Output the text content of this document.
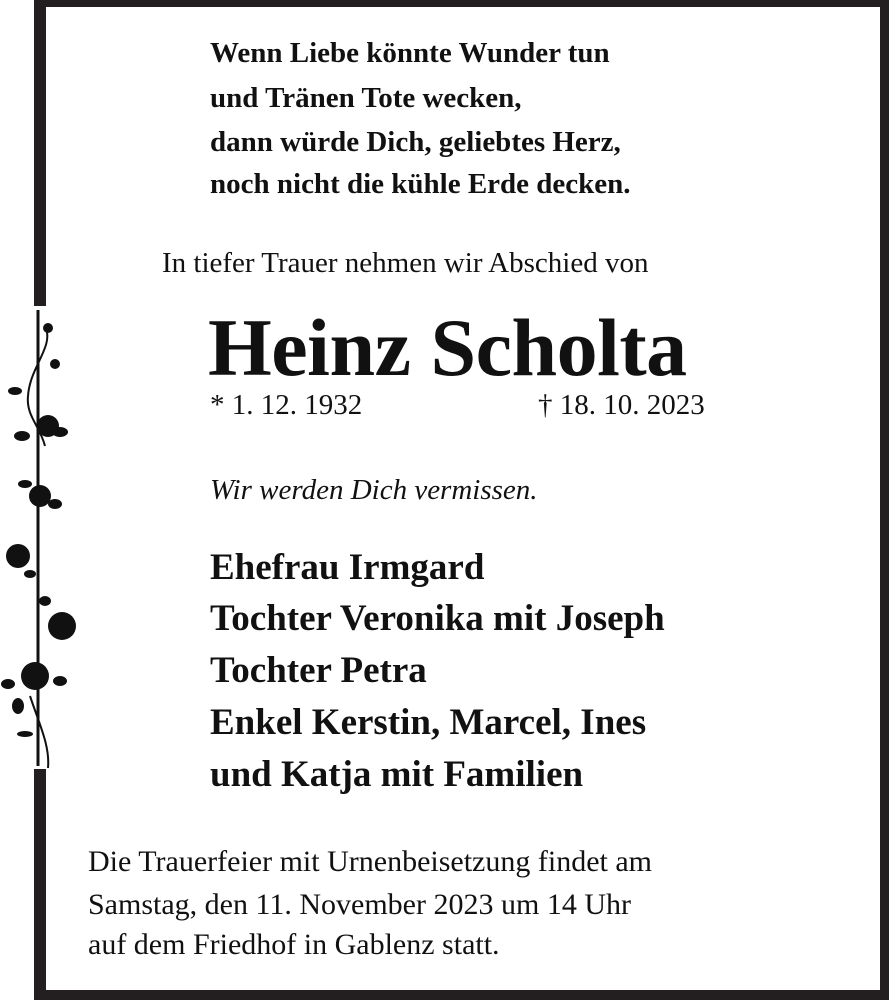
Wenn Liebe könnte Wunder tun
und Tränen Tote wecken,
dann würde Dich, geliebtes Herz,
noch nicht die kühle Erde decken.
In tiefer Trauer nehmen wir Abschied von
Heinz Scholta
* 1. 12. 1932	† 18. 10. 2023
Wir werden Dich vermissen.
Ehefrau Irmgard
Tochter Veronika mit Joseph
Tochter Petra
Enkel Kerstin, Marcel, Ines
und Katja mit Familien
Die Trauerfeier mit Urnenbeisetzung findet am
Samstag, den 11. November 2023 um 14 Uhr
auf dem Friedhof in Gablenz statt.
